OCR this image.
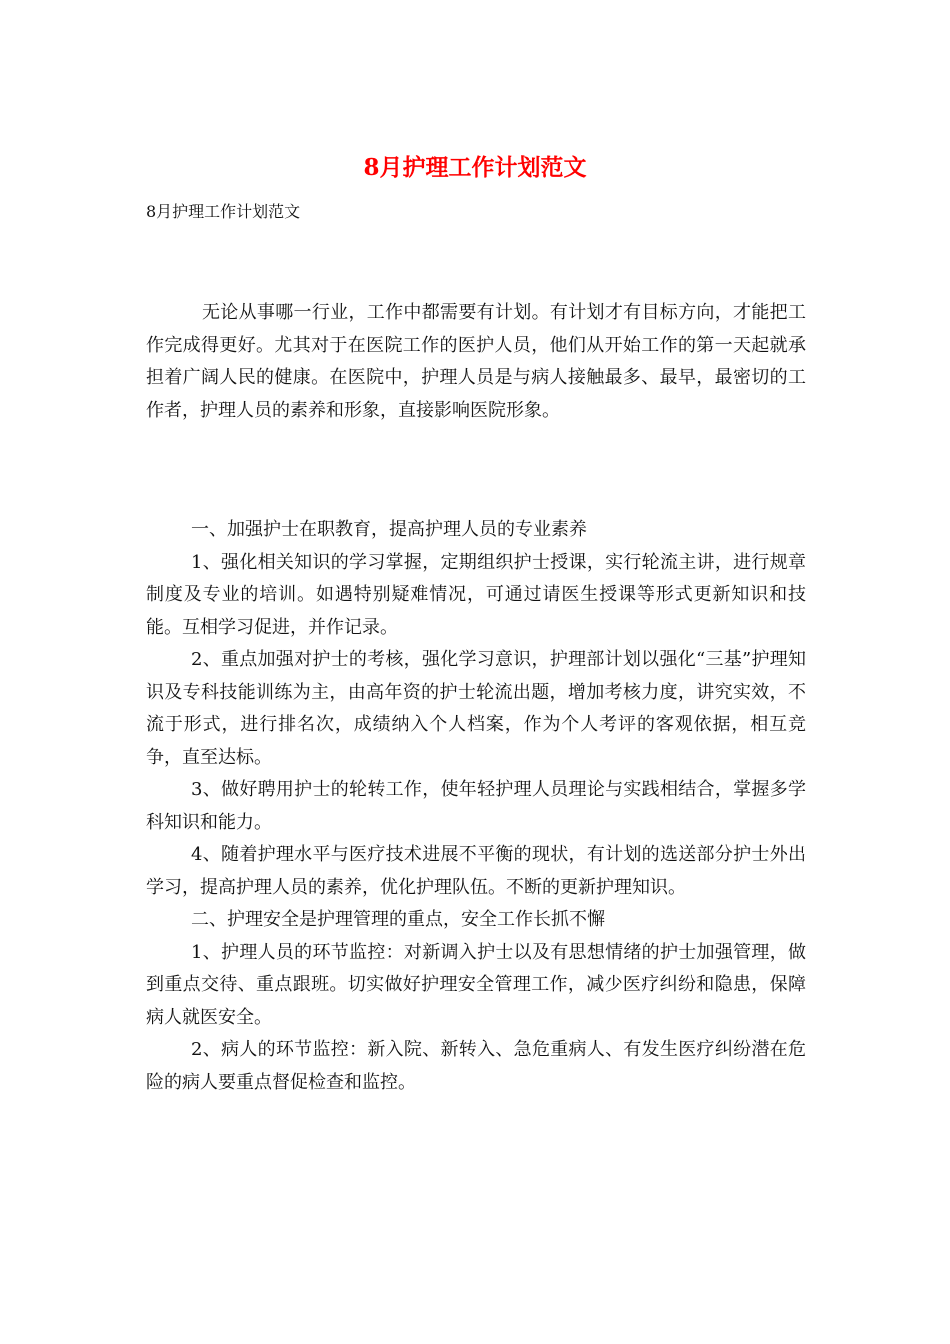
8月护理工作计划范文
8月护理工作计划范文

无论从事哪一行业，工作中都需要有计划。有计划才有目标方向，才能把工作完成得更好。尤其对于在医院工作的医护人员，他们从开始工作的第一天起就承担着广阔人民的健康。在医院中，护理人员是与病人接触最多、最早，最密切的工作者，护理人员的素养和形象，直接影响医院形象。

一、加强护士在职教育，提高护理人员的专业素养

1、强化相关知识的学习掌握，定期组织护士授课，实行轮流主讲，进行规章制度及专业的培训。如遇特别疑难情况，可通过请医生授课等形式更新知识和技能。互相学习促进，并作记录。

2、重点加强对护士的考核，强化学习意识，护理部计划以强化“三基”护理知识及专科技能训练为主，由高年资的护士轮流出题，增加考核力度，讲究实效，不流于形式，进行排名次，成绩纳入个人档案，作为个人考评的客观依据，相互竞争，直至达标。

3、做好聘用护士的轮转工作，使年轻护理人员理论与实践相结合，掌握多学科知识和能力。

4、随着护理水平与医疗技术进展不平衡的现状，有计划的选送部分护士外出学习，提高护理人员的素养，优化护理队伍。不断的更新护理知识。

二、护理安全是护理管理的重点，安全工作长抓不懈

1、护理人员的环节监控：对新调入护士以及有思想情绪的护士加强管理，做到重点交待、重点跟班。切实做好护理安全管理工作，减少医疗纠纷和隐患，保障病人就医安全。

2、病人的环节监控：新入院、新转入、急危重病人、有发生医疗纠纷潜在危险的病人要重点督促检查和监控。
